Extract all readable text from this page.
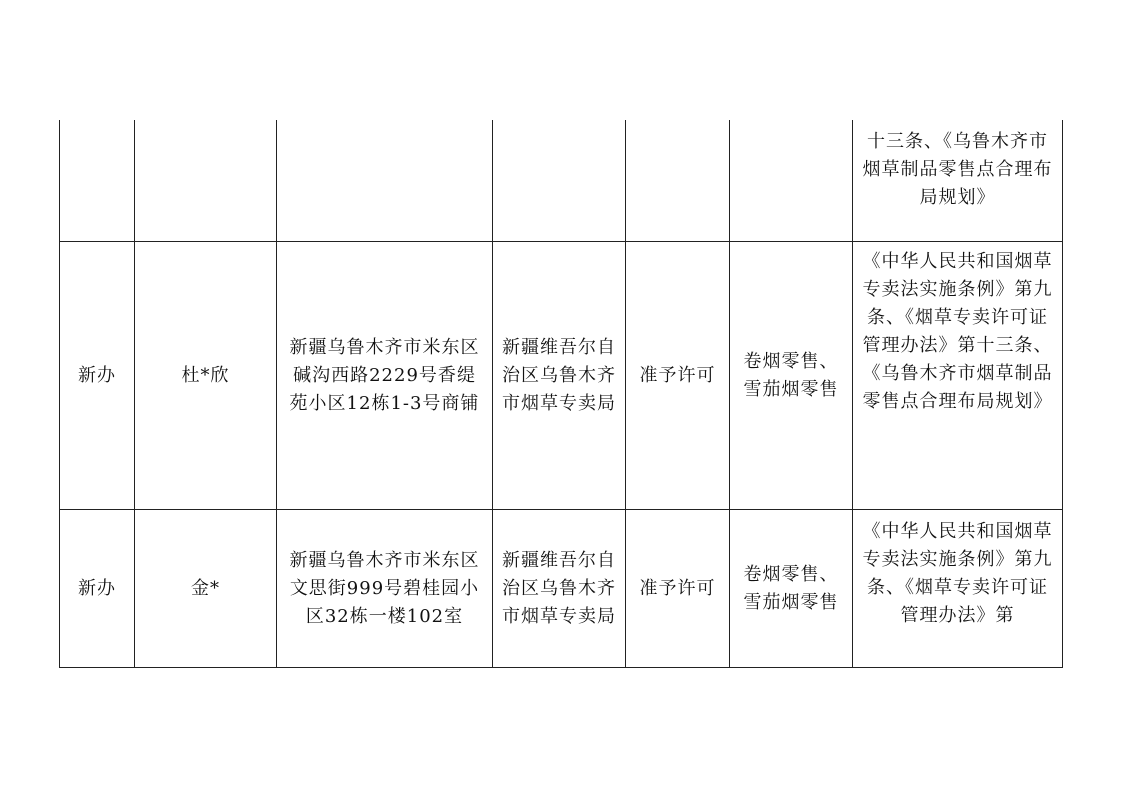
						十三条、《乌鲁木齐市烟草制品零售点合理布局规划》
新办	杜*欣	新疆乌鲁木齐市米东区碱沟西路2229号香缇苑小区12栋1-3号商铺	新疆维吾尔自治区乌鲁木齐市烟草专卖局	准予许可	卷烟零售、雪茄烟零售	《中华人民共和国烟草专卖法实施条例》第九条、《烟草专卖许可证管理办法》第十三条、《乌鲁木齐市烟草制品零售点合理布局规划》
新办	金*	新疆乌鲁木齐市米东区文思街999号碧桂园小区32栋一楼102室	新疆维吾尔自治区乌鲁木齐市烟草专卖局	准予许可	卷烟零售、雪茄烟零售	《中华人民共和国烟草专卖法实施条例》第九条、《烟草专卖许可证管理办法》第
